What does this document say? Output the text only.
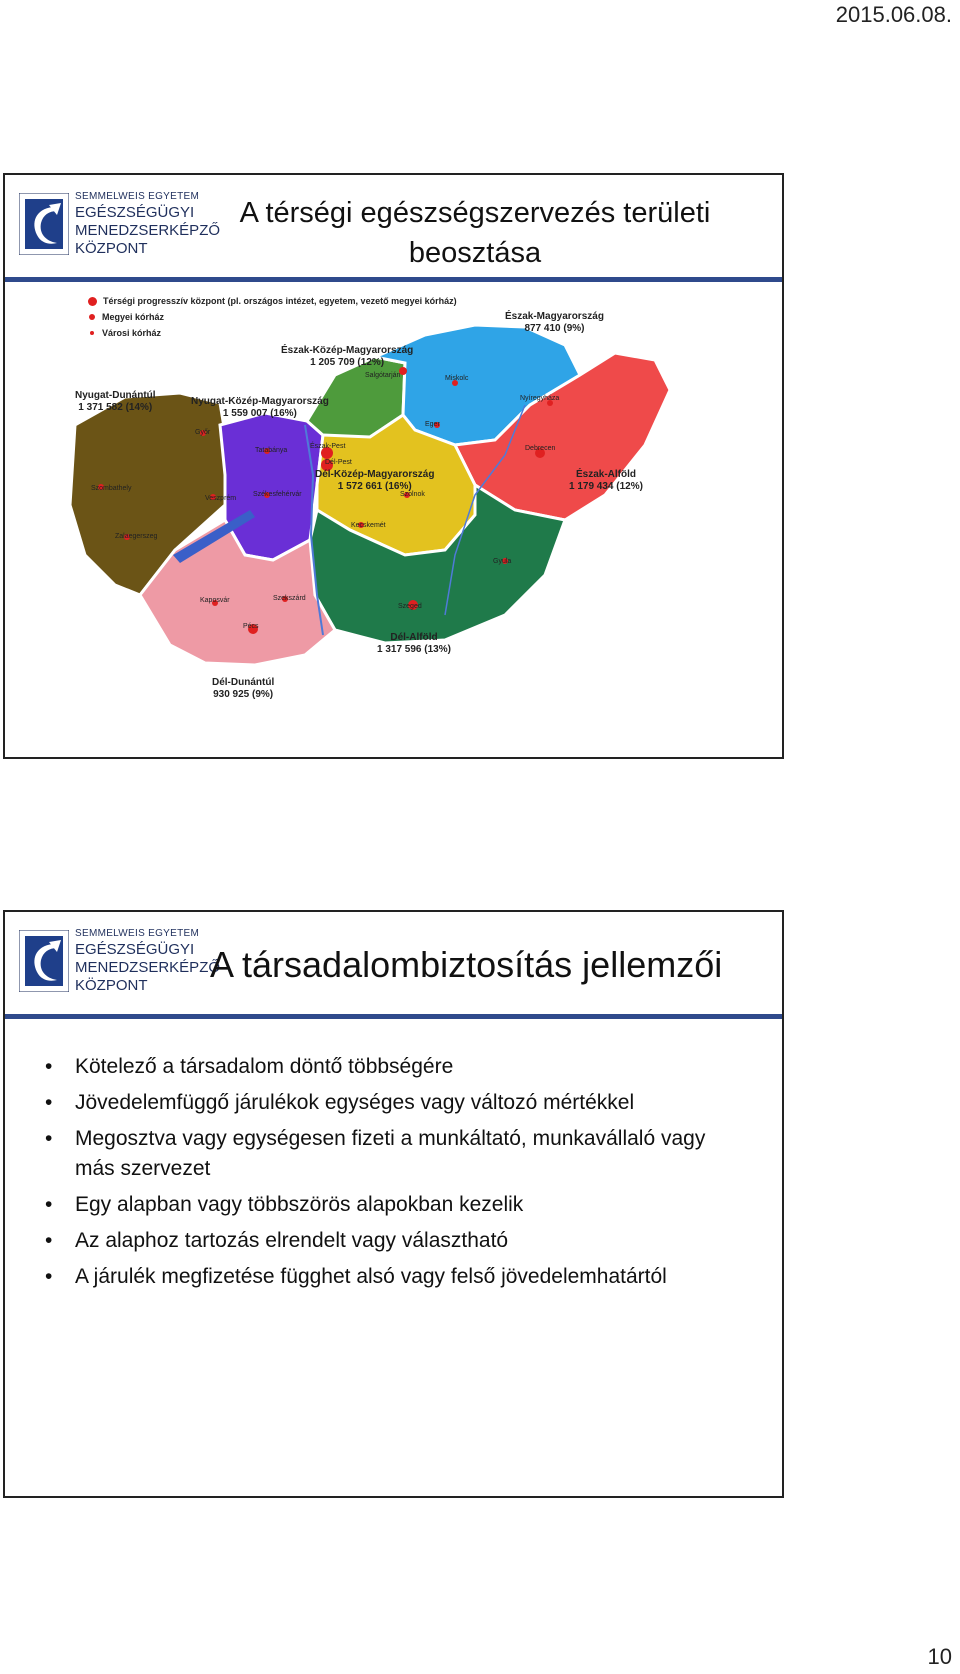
2015.06.08.
SEMMELWEIS EGYETEM
EGÉSZSÉGÜGYI
MENEDZSERKÉPZŐ
KÖZPONT
A térségi egészségszervezés területi
beosztása
Térségi progresszív központ (pl. országos intézet, egyetem, vezető megyei kórház)
Megyei kórház
Városi kórház
Észak-Magyarország
877 410 (9%)
Észak-Közép-Magyarország
1 205 709 (12%)
Nyugat-Dunántúl
1 371 582 (14%)
Nyugat-Közép-Magyarország
1 559 007 (16%)
Dél-Közép-Magyarország
1 572 661 (16%)
Észak-Alföld
1 179 434 (12%)
Dél-Alföld
1 317 596 (13%)
Dél-Dunántúl
930 925 (9%)
Salgótarján	Miskolc
Eger
Nyíregyháza
Debrecen
Győr
Tatabánya
Észak-Pest
Dél-Pest
Szombathely
Veszprém
Székesfehérvár
Zalaegerszeg
Szolnok
Kecskemét
Gyula
Szeged
Kaposvár	Szekszárd
Pécs
SEMMELWEIS EGYETEM
EGÉSZSÉGÜGYI
MENEDZSERKÉPZŐ
KÖZPONT
A társadalombiztosítás jellemzői
• Kötelező a társadalom döntő többségére
• Jövedelemfüggő járulékok egységes vagy változó mértékkel
• Megosztva vagy egységesen fizeti a munkáltató, munkavállaló vagy más szervezet
• Egy alapban vagy többszörös alapokban kezelik
• Az alaphoz tartozás elrendelt vagy választható
• A járulék megfizetése függhet alsó vagy felső jövedelemhatártól
10
